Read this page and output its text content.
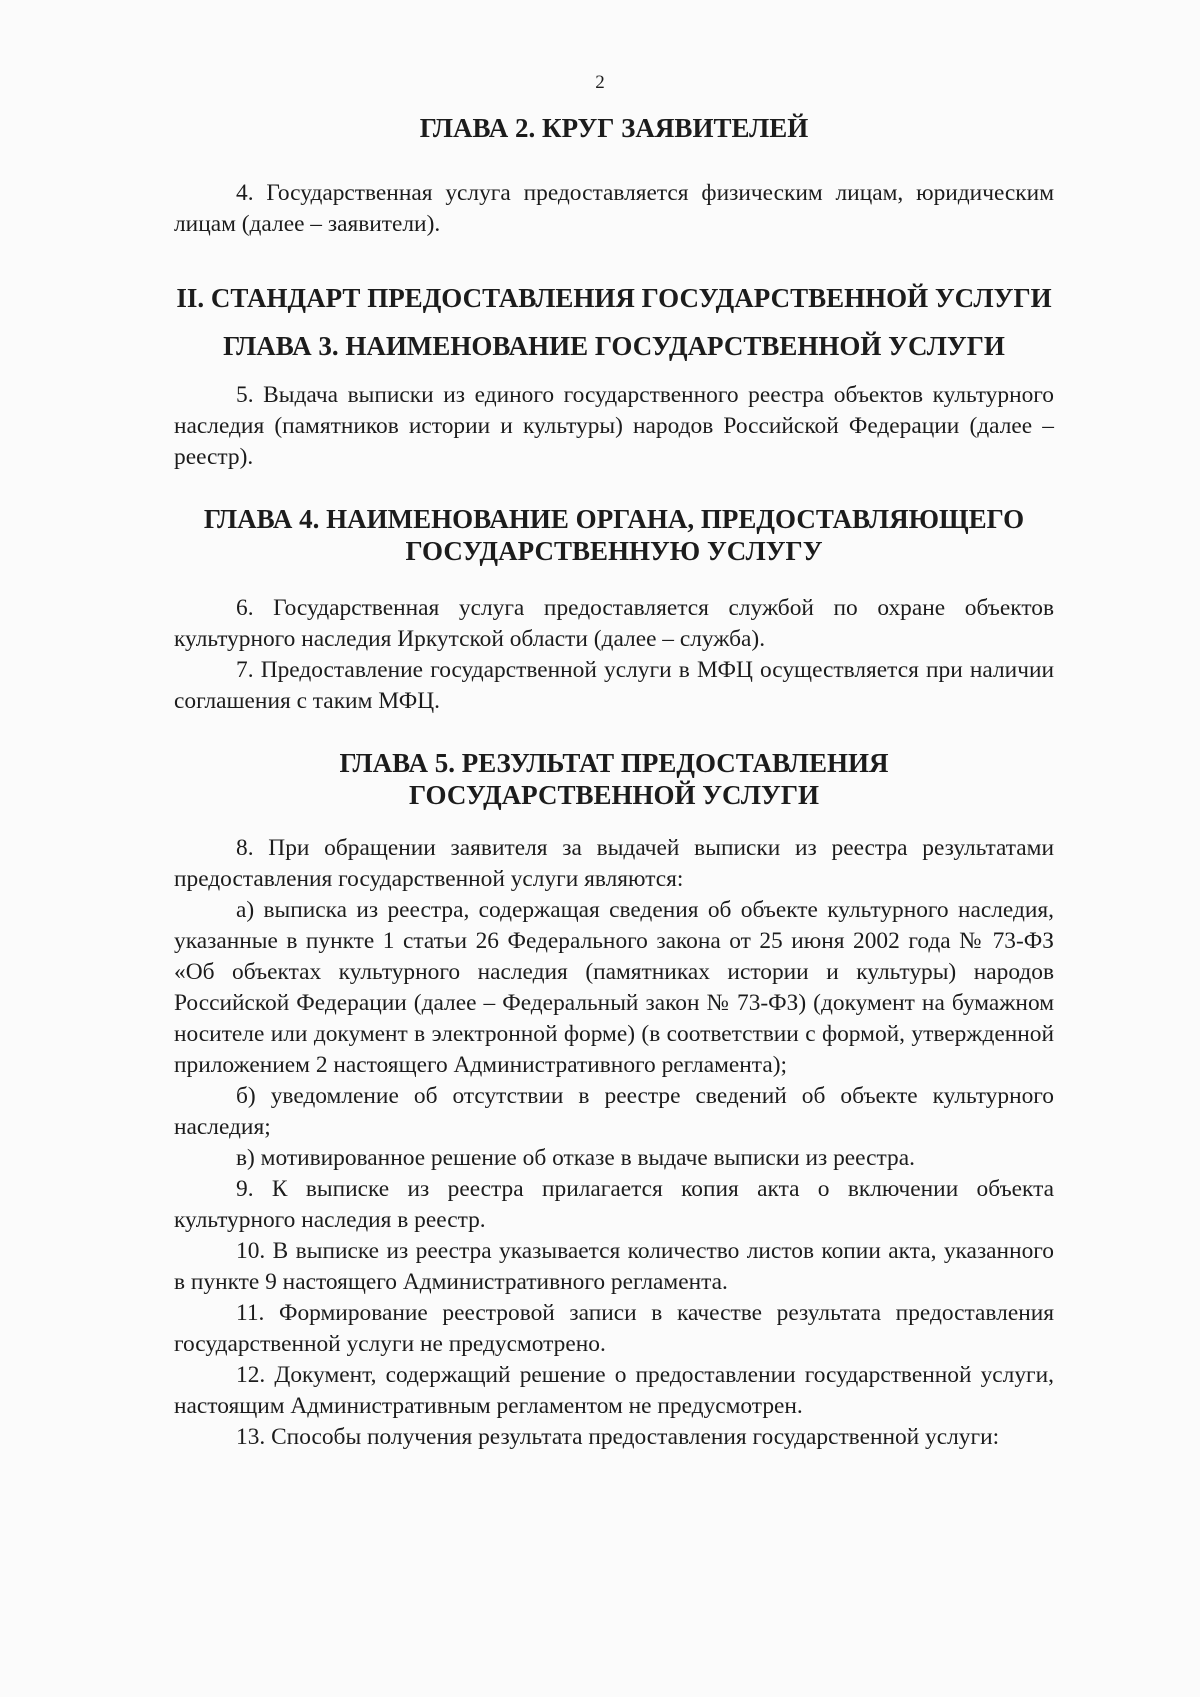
2
ГЛАВА 2. КРУГ ЗАЯВИТЕЛЕЙ

4. Государственная услуга предоставляется физическим лицам, юридическим лицам (далее – заявители).

II. СТАНДАРТ ПРЕДОСТАВЛЕНИЯ ГОСУДАРСТВЕННОЙ УСЛУГИ
ГЛАВА 3. НАИМЕНОВАНИЕ ГОСУДАРСТВЕННОЙ УСЛУГИ

5. Выдача выписки из единого государственного реестра объектов культурного наследия (памятников истории и культуры) народов Российской Федерации (далее – реестр).

ГЛАВА 4. НАИМЕНОВАНИЕ ОРГАНА, ПРЕДОСТАВЛЯЮЩЕГО
ГОСУДАРСТВЕННУЮ УСЛУГУ

6. Государственная услуга предоставляется службой по охране объектов культурного наследия Иркутской области (далее – служба).

7. Предоставление государственной услуги в МФЦ осуществляется при наличии соглашения с таким МФЦ.

ГЛАВА 5. РЕЗУЛЬТАТ ПРЕДОСТАВЛЕНИЯ
ГОСУДАРСТВЕННОЙ УСЛУГИ

8. При обращении заявителя за выдачей выписки из реестра результатами предоставления государственной услуги являются:

а) выписка из реестра, содержащая сведения об объекте культурного наследия, указанные в пункте 1 статьи 26 Федерального закона от 25 июня 2002 года № 73-ФЗ «Об объектах культурного наследия (памятниках истории и культуры) народов Российской Федерации (далее – Федеральный закон № 73-ФЗ) (документ на бумажном носителе или документ в электронной форме) (в соответствии с формой, утвержденной приложением 2 настоящего Административного регламента);

б) уведомление об отсутствии в реестре сведений об объекте культурного наследия;

в) мотивированное решение об отказе в выдаче выписки из реестра.

9. К выписке из реестра прилагается копия акта о включении объекта культурного наследия в реестр.

10. В выписке из реестра указывается количество листов копии акта, указанного в пункте 9 настоящего Административного регламента.

11. Формирование реестровой записи в качестве результата предоставления государственной услуги не предусмотрено.

12. Документ, содержащий решение о предоставлении государственной услуги, настоящим Административным регламентом не предусмотрен.

13. Способы получения результата предоставления государственной услуги:
